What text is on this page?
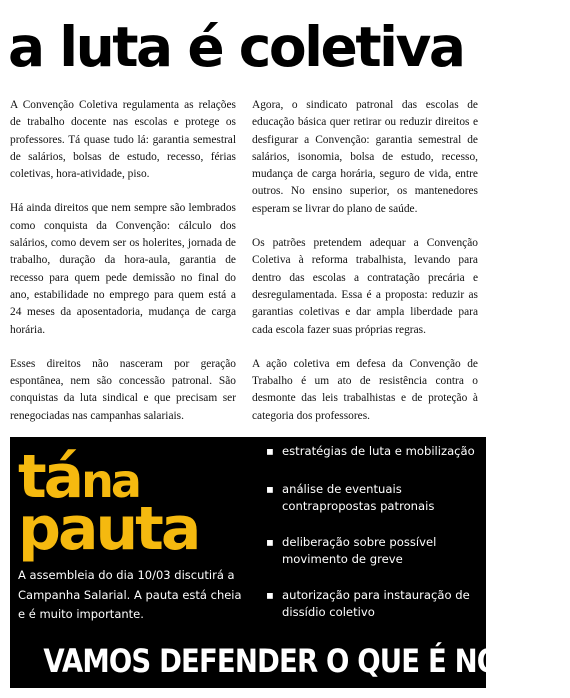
a luta é coletiva

A Convenção Coletiva regulamenta as relações de trabalho docente nas escolas e protege os professores. Tá quase tudo lá: garantia semestral de salários, bolsas de estudo, recesso, férias coletivas, hora-atividade, piso.

Há ainda direitos que nem sempre são lembrados como conquista da Convenção: cálculo dos salários, como devem ser os holerites, jornada de trabalho, duração da hora-aula, garantia de recesso para quem pede demissão no final do ano, estabilidade no emprego para quem está a 24 meses da aposentadoria, mudança de carga horária.

Esses direitos não nasceram por geração espontânea, nem são concessão patronal. São conquistas da luta sindical e que precisam ser renegociadas nas campanhas salariais.

Agora, o sindicato patronal das escolas de educação básica quer retirar ou reduzir direitos e desfigurar a Convenção: garantia semestral de salários, isonomia, bolsa de estudo, recesso, mudança de carga horária, seguro de vida, entre outros. No ensino superior, os mantenedores esperam se livrar do plano de saúde.

Os patrões pretendem adequar a Convenção Coletiva à reforma trabalhista, levando para dentro das escolas a contratação precária e desregulamentada. Essa é a proposta: reduzir as garantias coletivas e dar ampla liberdade para cada escola fazer suas próprias regras.

A ação coletiva em defesa da Convenção de Trabalho é um ato de resistência contra o desmonte das leis trabalhistas e de proteção à categoria dos professores.

tána
pauta

A assembleia do dia 10/03 discutirá a Campanha Salarial. A pauta está cheia e é muito importante.

▪ estratégias de luta e mobilização
▪ análise de eventuais contrapropostas patronais
▪ deliberação sobre possível movimento de greve
▪ autorização para instauração de dissídio coletivo

VAMOS DEFENDER O QUE É NOSSO!
